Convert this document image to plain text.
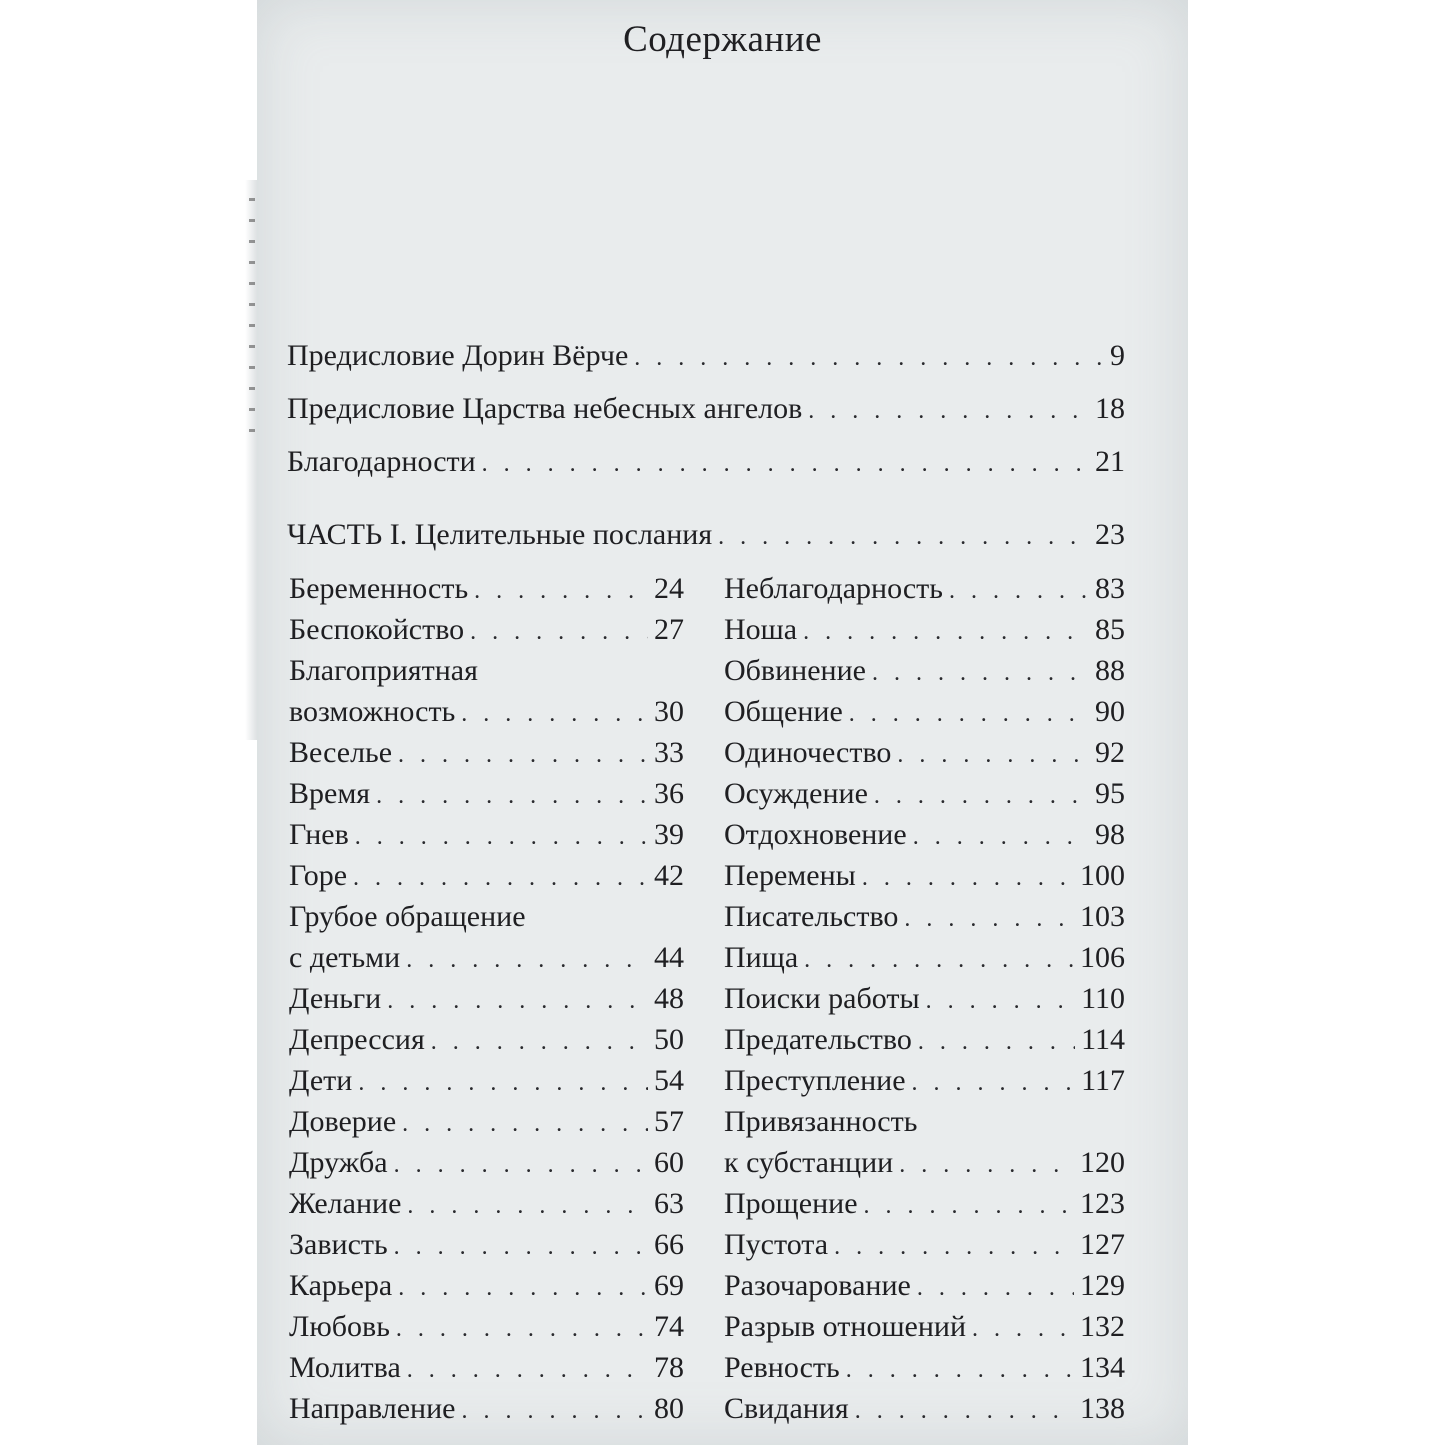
Содержание
Предисловие Дорин Вёрче . . .	9
Предисловие Царства небесных ангелов . . .	18
Благодарности . . .	21
ЧАСТЬ I. Целительные послания . . .	23
Беременность . . .	24
Беспокойство . . .	27
Благоприятная
возможность . . .	30
Веселье . . .	33
Время . . .	36
Гнев . . .	39
Горе . . .	42
Грубое обращение
с детьми . . .	44
Деньги . . .	48
Депрессия . . .	50
Дети . . .	54
Доверие . . .	57
Дружба . . .	60
Желание . . .	63
Зависть . . .	66
Карьера . . .	69
Любовь . . .	74
Молитва . . .	78
Направление . . .	80
Неблагодарность . . .	83
Ноша . . .	85
Обвинение . . .	88
Общение . . .	90
Одиночество . . .	92
Осуждение . . .	95
Отдохновение . . .	98
Перемены . . .	100
Писательство . . .	103
Пища . . .	106
Поиски работы . . .	110
Предательство . . .	114
Преступление . . .	117
Привязанность
к субстанции . . .	120
Прощение . . .	123
Пустота . . .	127
Разочарование . . .	129
Разрыв отношений . . .	132
Ревность . . .	134
Свидания . . .	138
